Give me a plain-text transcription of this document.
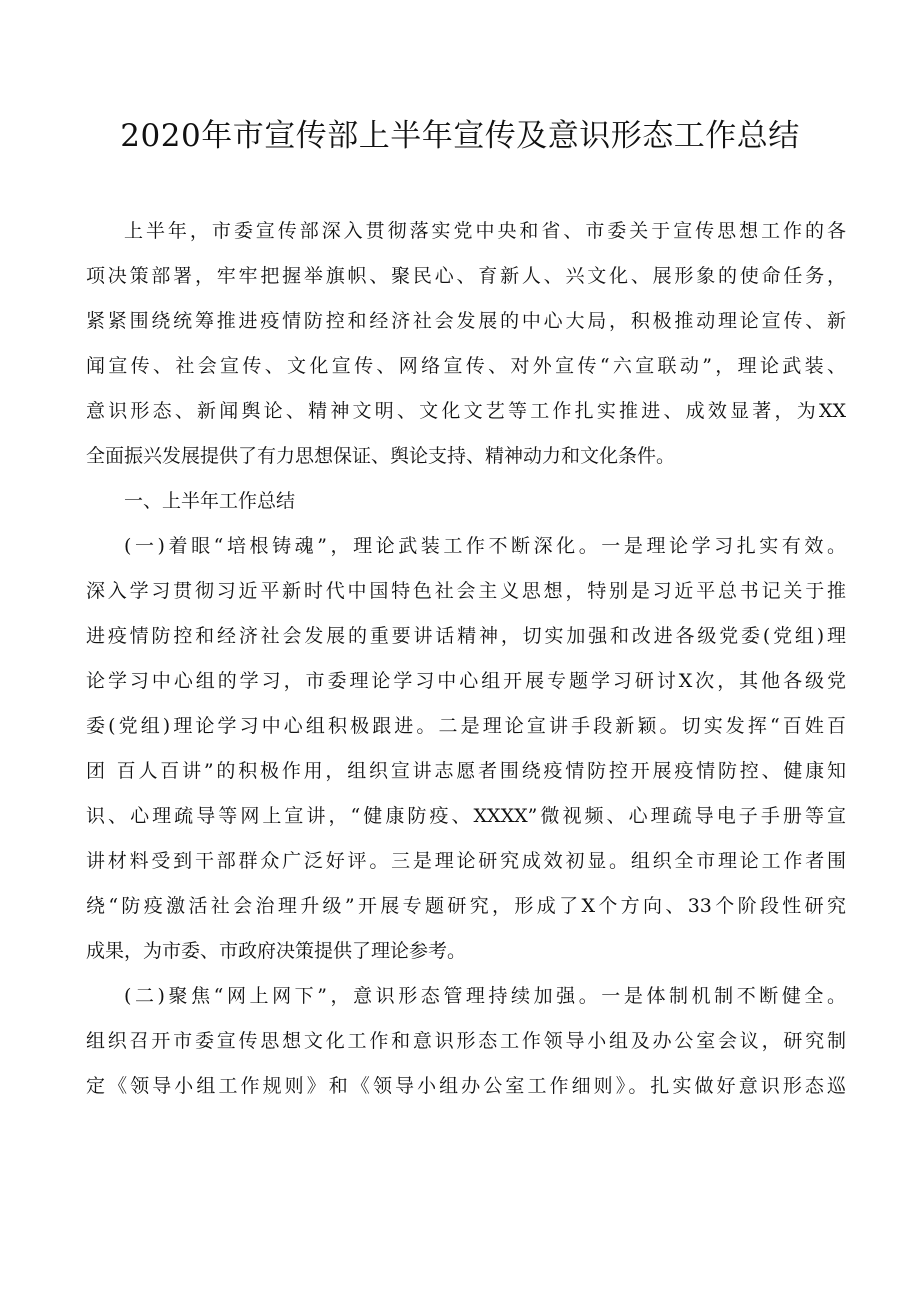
2020年市宣传部上半年宣传及意识形态工作总结

上半年，市委宣传部深入贯彻落实党中央和省、市委关于宣传思想工作的各
项决策部署，牢牢把握举旗帜、聚民心、育新人、兴文化、展形象的使命任务，
紧紧围绕统筹推进疫情防控和经济社会发展的中心大局，积极推动理论宣传、新
闻宣传、社会宣传、文化宣传、网络宣传、对外宣传“六宣联动”，理论武装、
意识形态、新闻舆论、精神文明、文化文艺等工作扎实推进、成效显著，为XX
全面振兴发展提供了有力思想保证、舆论支持、精神动力和文化条件。

一、上半年工作总结

(一)着眼“培根铸魂”，理论武装工作不断深化。一是理论学习扎实有效。
深入学习贯彻习近平新时代中国特色社会主义思想，特别是习近平总书记关于推
进疫情防控和经济社会发展的重要讲话精神，切实加强和改进各级党委(党组)理
论学习中心组的学习，市委理论学习中心组开展专题学习研讨X次，其他各级党
委(党组)理论学习中心组积极跟进。二是理论宣讲手段新颖。切实发挥“百姓百
团 百人百讲”的积极作用，组织宣讲志愿者围绕疫情防控开展疫情防控、健康知
识、心理疏导等网上宣讲，“健康防疫、XXXX”微视频、心理疏导电子手册等宣
讲材料受到干部群众广泛好评。三是理论研究成效初显。组织全市理论工作者围
绕“防疫激活社会治理升级”开展专题研究，形成了X个方向、33个阶段性研究
成果，为市委、市政府决策提供了理论参考。

(二)聚焦“网上网下”，意识形态管理持续加强。一是体制机制不断健全。
组织召开市委宣传思想文化工作和意识形态工作领导小组及办公室会议，研究制
定《领导小组工作规则》和《领导小组办公室工作细则》。扎实做好意识形态巡
